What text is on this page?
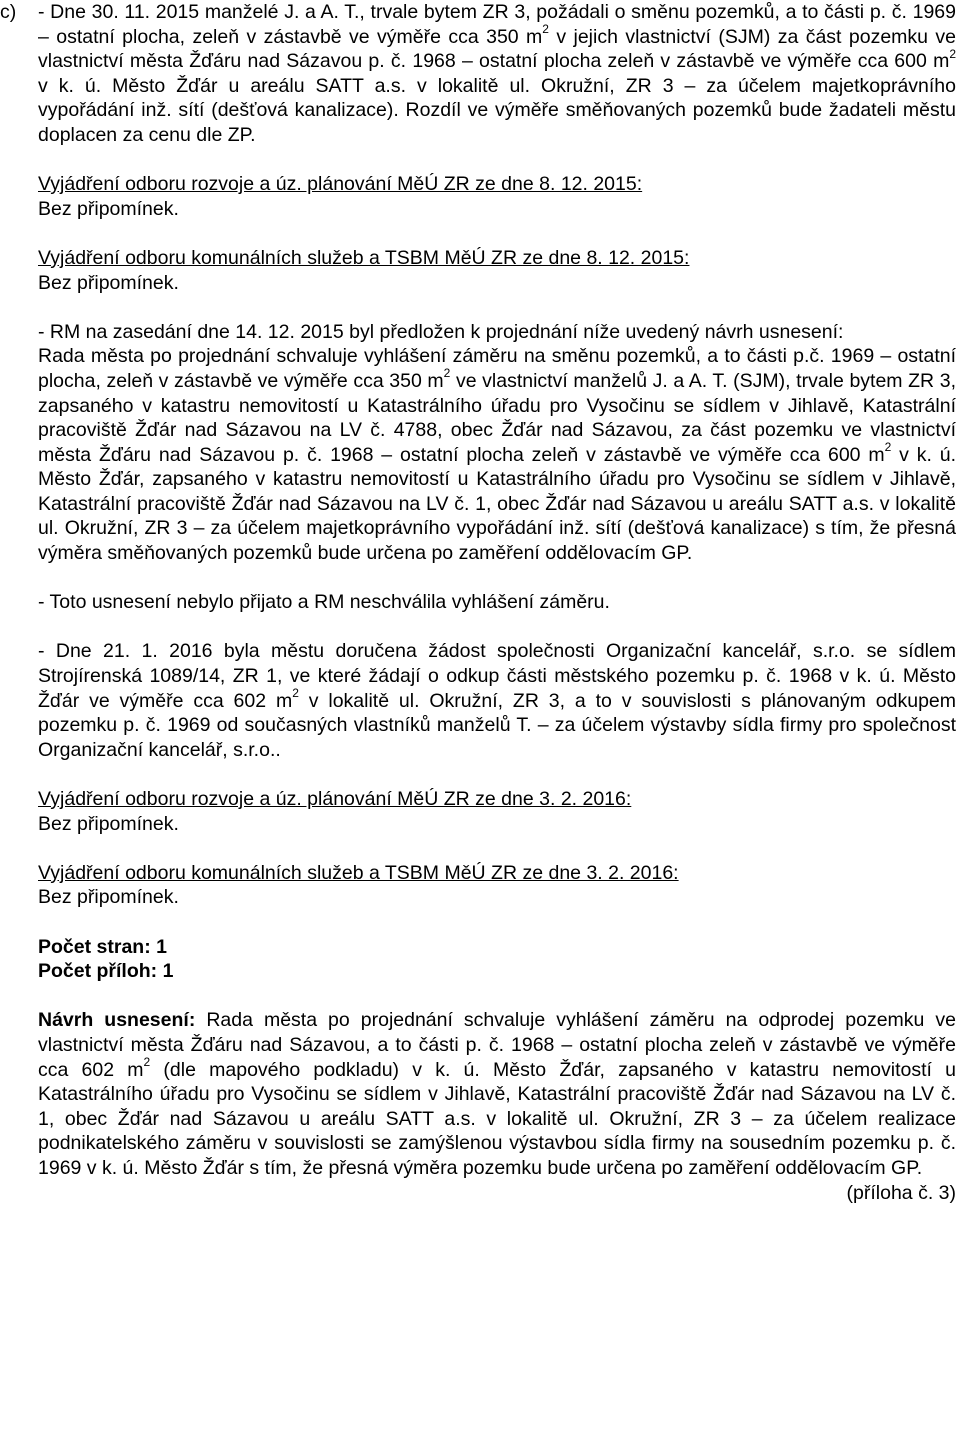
c) - Dne 30. 11. 2015 manželé J. a A. T., trvale bytem ZR 3, požádali o směnu pozemků, a to části p. č. 1969 – ostatní plocha, zeleň v zástavbě ve výměře cca 350 $m^2$ v jejich vlastnictví (SJM) za část pozemku ve vlastnictví města Žďáru nad Sázavou p. č. 1968 – ostatní plocha zeleň v zástavbě ve výměře cca 600 $m^2$ v k. ú. Město Žďár u areálu SATT a.s. v lokalitě ul. Okružní, ZR 3 – za účelem majetkoprávního vypořádání inž. sítí (dešťová kanalizace). Rozdíl ve výměře směňovaných pozemků bude žadateli městu doplacen za cenu dle ZP.

Vyjádření odboru rozvoje a úz. plánování MěÚ ZR ze dne 8. 12. 2015:

Bez připomínek.

Vyjádření odboru komunálních služeb a TSBM MěÚ ZR ze dne 8. 12. 2015:

Bez připomínek.

- RM na zasedání dne 14. 12. 2015 byl předložen k projednání níže uvedený návrh usnesení:

Rada města po projednání schvaluje vyhlášení záměru na směnu pozemků, a to části p.č. 1969 – ostatní plocha, zeleň v zástavbě ve výměře cca 350 $m^2$ ve vlastnictví manželů J. a A. T. (SJM), trvale bytem ZR 3, zapsaného v katastru nemovitostí u Katastrálního úřadu pro Vysočinu se sídlem v Jihlavě, Katastrální pracoviště Žďár nad Sázavou na LV č. 4788, obec Žďár nad Sázavou, za část pozemku ve vlastnictví města Žďáru nad Sázavou p. č. 1968 – ostatní plocha zeleň v zástavbě ve výměře cca 600 $m^2$ v k. ú. Město Žďár, zapsaného v katastru nemovitostí u Katastrálního úřadu pro Vysočinu se sídlem v Jihlavě, Katastrální pracoviště Žďár nad Sázavou na LV č. 1, obec Žďár nad Sázavou u areálu SATT a.s. v lokalitě ul. Okružní, ZR 3 – za účelem majetkoprávního vypořádání inž. sítí (dešťová kanalizace) s tím, že přesná výměra směňovaných pozemků bude určena po zaměření oddělovacím GP.

- Toto usnesení nebylo přijato a RM neschválila vyhlášení záměru.

- Dne 21. 1. 2016 byla městu doručena žádost společnosti Organizační kancelář, s.r.o. se sídlem Strojírenská 1089/14, ZR 1, ve které žádají o odkup části městského pozemku p. č. 1968 v k. ú. Město Žďár ve výměře cca 602 $m^2$ v lokalitě ul. Okružní, ZR 3, a to v souvislosti s plánovaným odkupem pozemku p. č. 1969 od současných vlastníků manželů T. – za účelem výstavby sídla firmy pro společnost Organizační kancelář, s.r.o..

Vyjádření odboru rozvoje a úz. plánování MěÚ ZR ze dne 3. 2. 2016:

Bez připomínek.

Vyjádření odboru komunálních služeb a TSBM MěÚ ZR ze dne 3. 2. 2016:

Bez připomínek.

Počet stran: 1

Počet příloh: 1

Návrh usnesení: Rada města po projednání schvaluje vyhlášení záměru na odprodej pozemku ve vlastnictví města Žďáru nad Sázavou, a to části p. č. 1968 – ostatní plocha zeleň v zástavbě ve výměře cca 602 $m^2$ (dle mapového podkladu) v k. ú. Město Žďár, zapsaného v katastru nemovitostí u Katastrálního úřadu pro Vysočinu se sídlem v Jihlavě, Katastrální pracoviště Žďár nad Sázavou na LV č. 1, obec Žďár nad Sázavou u areálu SATT a.s. v lokalitě ul. Okružní, ZR 3 – za účelem realizace podnikatelského záměru v souvislosti se zamýšlenou výstavbou sídla firmy na sousedním pozemku p. č. 1969 v k. ú. Město Žďár s tím, že přesná výměra pozemku bude určena po zaměření oddělovacím GP.
(příloha č. 3)
